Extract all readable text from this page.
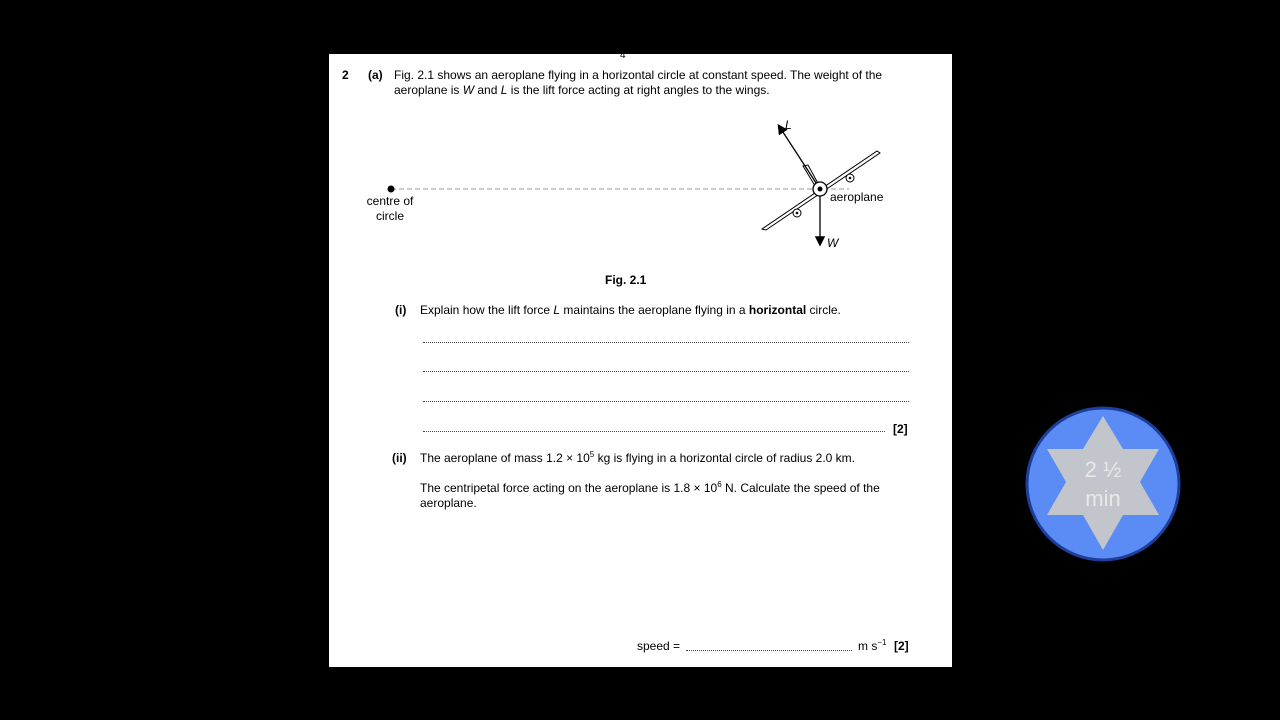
4
2 (a) Fig. 2.1 shows an aeroplane flying in a horizontal circle at constant speed. The weight of the
aeroplane is W and L is the lift force acting at right angles to the wings.
L
W
aeroplane
centre of
circle
Fig. 2.1
(i) Explain how the lift force L maintains the aeroplane flying in a horizontal circle.
[2]
(ii) The aeroplane of mass $1.2 \times 10^5$ kg is flying in a horizontal circle of radius 2.0 km.
The centripetal force acting on the aeroplane is $1.8 \times 10^6$ N. Calculate the speed of the
aeroplane.
speed =	m $s^{-1}$ [2]
2 ½
min
